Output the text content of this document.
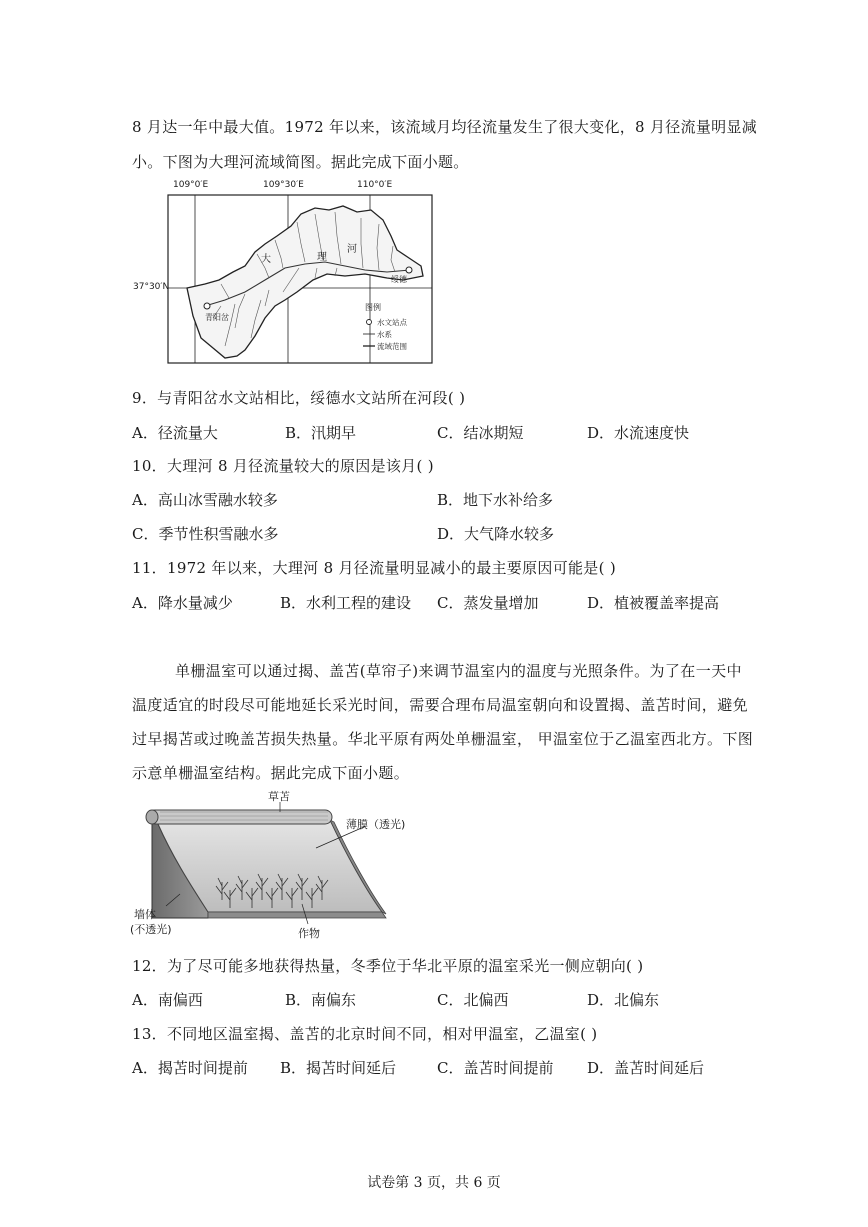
8 月达一年中最大值。1972 年以来，该流域月均径流量发生了很大变化，8 月径流量明显减
小。下图为大理河流域简图。据此完成下面小题。
大	理
河
青阳岔
绥德
图例
水文站点
水系
流域范围
109°0′E	109°30′E	110°0′E
37°30′N
9．与青阳岔水文站相比，绥德水文站所在河段( )
A．径流量大	B．汛期早	C．结冰期短	D．水流速度快
10．大理河 8 月径流量较大的原因是该月( )
A．高山冰雪融水较多	B．地下水补给多
C．季节性积雪融水多	D．大气降水较多
11．1972 年以来，大理河 8 月径流量明显减小的最主要原因可能是( )
A．降水量减少	B．水利工程的建设 C．蒸发量增加	D．植被覆盖率提高
单栅温室可以通过揭、盖苫(草帘子)来调节温室内的温度与光照条件。为了在一天中
温度适宜的时段尽可能地延长采光时间，需要合理布局温室朝向和设置揭、盖苫时间，避免
过早揭苫或过晚盖苫损失热量。华北平原有两处单栅温室， 甲温室位于乙温室西北方。下图
示意单栅温室结构。据此完成下面小题。
草苫
薄膜（透光)
墙体
(不透光)	作物
12．为了尽可能多地获得热量，冬季位于华北平原的温室采光一侧应朝向( )
A．南偏西	B．南偏东	C．北偏西	D．北偏东
13．不同地区温室揭、盖苫的北京时间不同，相对甲温室，乙温室( )
A．揭苫时间提前 B．揭苫时间延后	C．盖苫时间提前 D．盖苫时间延后
试卷第 3 页，共 6 页
